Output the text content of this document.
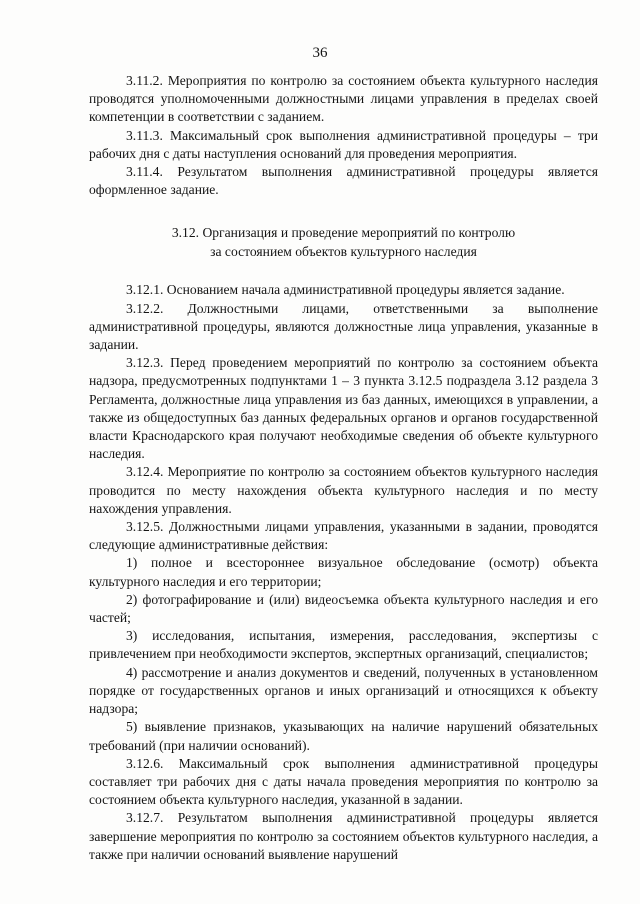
36

3.11.2. Мероприятия по контролю за состоянием объекта культурного наследия проводятся уполномоченными должностными лицами управления в пределах своей компетенции в соответствии с заданием.

3.11.3. Максимальный срок выполнения административной процедуры – три рабочих дня с даты наступления оснований для проведения мероприятия.

3.11.4. Результатом выполнения административной процедуры является оформленное задание.

3.12. Организация и проведение мероприятий по контролю
за состоянием объектов культурного наследия

3.12.1. Основанием начала административной процедуры является задание.

3.12.2. Должностными лицами, ответственными за выполнение административной процедуры, являются должностные лица управления, указанные в задании.

3.12.3. Перед проведением мероприятий по контролю за состоянием объекта надзора, предусмотренных подпунктами 1 – 3 пункта 3.12.5 подраздела 3.12 раздела 3 Регламента, должностные лица управления из баз данных, имеющихся в управлении, а также из общедоступных баз данных федеральных органов и органов государственной власти Краснодарского края получают необходимые сведения об объекте культурного наследия.

3.12.4. Мероприятие по контролю за состоянием объектов культурного наследия проводится по месту нахождения объекта культурного наследия и по месту нахождения управления.

3.12.5. Должностными лицами управления, указанными в задании, проводятся следующие административные действия:

1) полное и всестороннее визуальное обследование (осмотр) объекта культурного наследия и его территории;

2) фотографирование и (или) видеосъемка объекта культурного наследия и его частей;

3) исследования, испытания, измерения, расследования, экспертизы с привлечением при необходимости экспертов, экспертных организаций, специалистов;

4) рассмотрение и анализ документов и сведений, полученных в установленном порядке от государственных органов и иных организаций и относящихся к объекту надзора;

5) выявление признаков, указывающих на наличие нарушений обязательных требований (при наличии оснований).

3.12.6. Максимальный срок выполнения административной процедуры составляет три рабочих дня с даты начала проведения мероприятия по контролю за состоянием объекта культурного наследия, указанной в задании.

3.12.7. Результатом выполнения административной процедуры является завершение мероприятия по контролю за состоянием объектов культурного наследия, а также при наличии оснований выявление нарушений
